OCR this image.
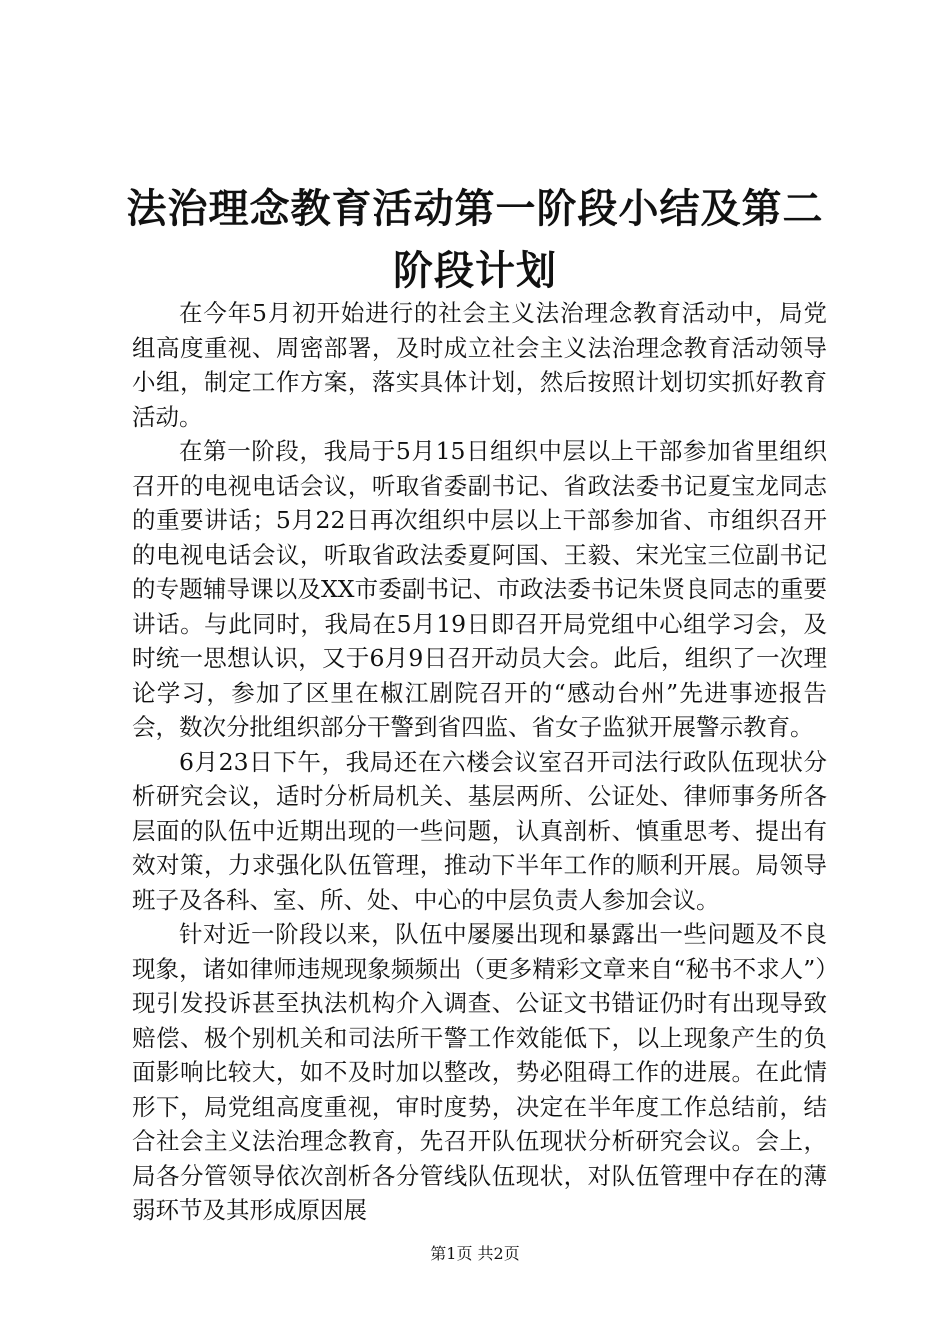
法治理念教育活动第一阶段小结及第二阶段计划

在今年5月初开始进行的社会主义法治理念教育活动中，局党组高度重视、周密部署，及时成立社会主义法治理念教育活动领导小组，制定工作方案，落实具体计划，然后按照计划切实抓好教育活动。

在第一阶段，我局于5月15日组织中层以上干部参加省里组织召开的电视电话会议，听取省委副书记、省政法委书记夏宝龙同志的重要讲话；5月22日再次组织中层以上干部参加省、市组织召开的电视电话会议，听取省政法委夏阿国、王毅、宋光宝三位副书记的专题辅导课以及XX市委副书记、市政法委书记朱贤良同志的重要讲话。与此同时，我局在5月19日即召开局党组中心组学习会，及时统一思想认识，又于6月9日召开动员大会。此后，组织了一次理论学习，参加了区里在椒江剧院召开的“感动台州”先进事迹报告会，数次分批组织部分干警到省四监、省女子监狱开展警示教育。

6月23日下午，我局还在六楼会议室召开司法行政队伍现状分析研究会议，适时分析局机关、基层两所、公证处、律师事务所各层面的队伍中近期出现的一些问题，认真剖析、慎重思考、提出有效对策，力求强化队伍管理，推动下半年工作的顺利开展。局领导班子及各科、室、所、处、中心的中层负责人参加会议。

针对近一阶段以来，队伍中屡屡出现和暴露出一些问题及不良现象，诸如律师违规现象频频出（更多精彩文章来自“秘书不求人”）现引发投诉甚至执法机构介入调查、公证文书错证仍时有出现导致赔偿、极个别机关和司法所干警工作效能低下，以上现象产生的负面影响比较大，如不及时加以整改，势必阻碍工作的进展。在此情形下，局党组高度重视，审时度势，决定在半年度工作总结前，结合社会主义法治理念教育，先召开队伍现状分析研究会议。会上，局各分管领导依次剖析各分管线队伍现状，对队伍管理中存在的薄弱环节及其形成原因展

第1页 共2页
